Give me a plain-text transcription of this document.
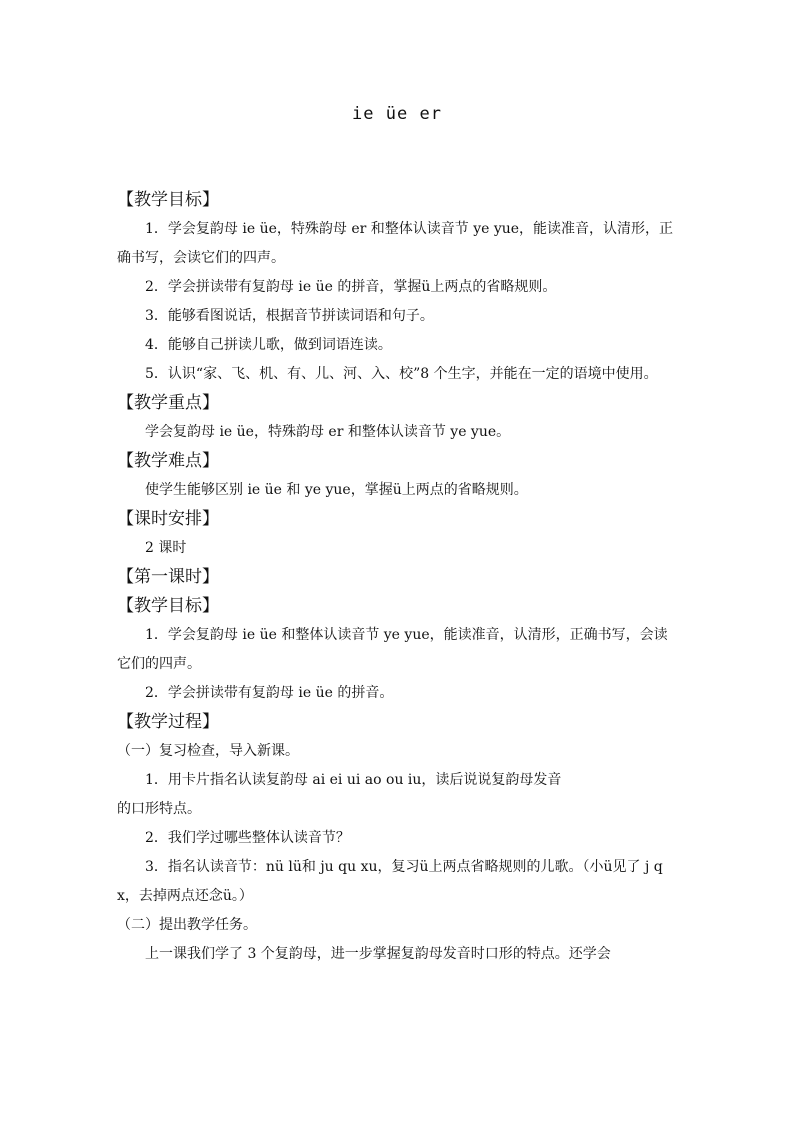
ie üe er

【教学目标】

1．学会复韵母 ie üe，特殊韵母 er 和整体认读音节 ye yue，能读准音，认清形，正确书写，会读它们的四声。

2．学会拼读带有复韵母 ie üe 的拼音，掌握ü上两点的省略规则。

3．能够看图说话，根据音节拼读词语和句子。

4．能够自己拼读儿歌，做到词语连读。

5．认识“家、飞、机、有、儿、河、入、校”8 个生字，并能在一定的语境中使用。

【教学重点】

学会复韵母 ie üe，特殊韵母 er 和整体认读音节 ye yue。

【教学难点】

使学生能够区别 ie üe 和 ye yue，掌握ü上两点的省略规则。

【课时安排】

2 课时

【第一课时】

【教学目标】

1．学会复韵母 ie üe 和整体认读音节 ye yue，能读准音，认清形，正确书写，会读它们的四声。

2．学会拼读带有复韵母 ie üe 的拼音。

【教学过程】

（一）复习检查，导入新课。

1．用卡片指名认读复韵母 ai ei ui ao ou iu，读后说说复韵母发音
的口形特点。

2．我们学过哪些整体认读音节？

3．指名认读音节：nü lü和 ju qu xu，复习ü上两点省略规则的儿歌。（小ü见了 j q x，去掉两点还念ü。）

（二）提出教学任务。

上一课我们学了 3 个复韵母，进一步掌握复韵母发音时口形的特点。还学会
